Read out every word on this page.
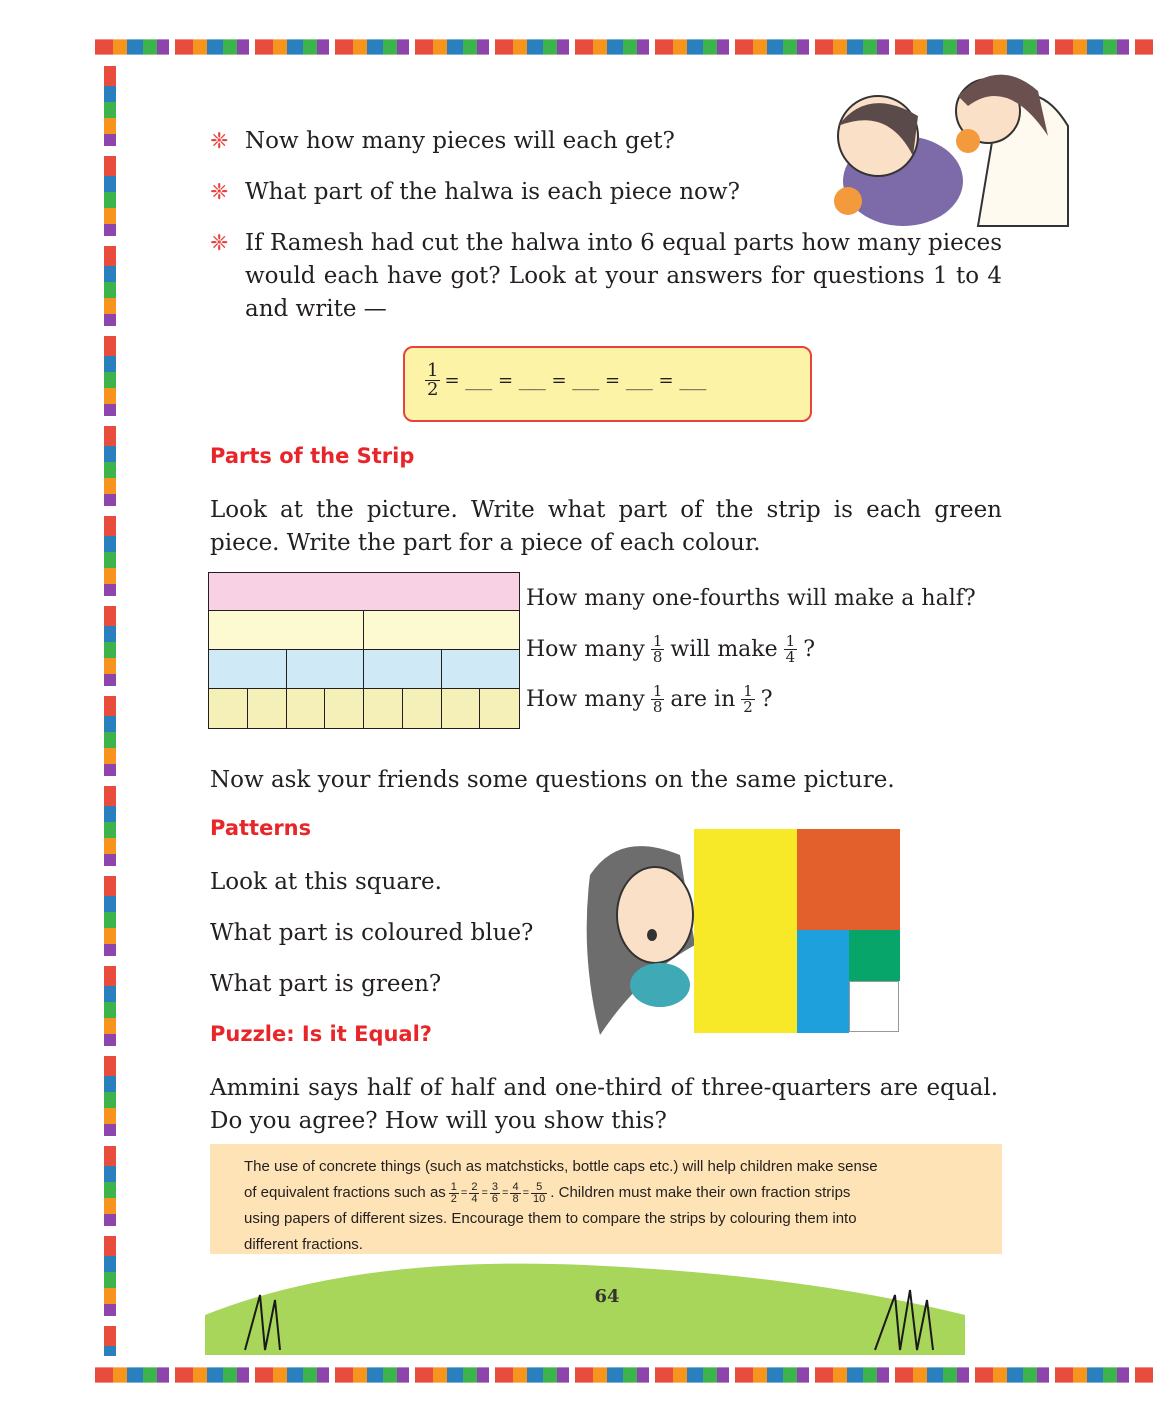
❈ Now how many pieces will each get?
❈ What part of the halwa is each piece now?
❈ If Ramesh had cut the halwa into 6 equal parts how many pieces would each have got? Look at your answers for questions 1 to 4 and write —
$\frac{1}{2}$ = ___ = ___ = ___ = ___ = ___
Parts of the Strip
Look at the picture. Write what part of the strip is each green piece. Write the part for a piece of each colour.
How many one-fourths will make a half?
How many $\frac{1}{8}$ will make $\frac{1}{4}$ ?
How many $\frac{1}{8}$ are in $\frac{1}{2}$ ?
Now ask your friends some questions on the same picture.
Patterns
Look at this square.
What part is coloured blue?
What part is green?
Puzzle: Is it Equal?
Ammini says half of half and one-third of three-quarters are equal. Do you agree? How will you show this?
The use of concrete things (such as matchsticks, bottle caps etc.) will help children make sense
of equivalent fractions such as $\frac{1}{2} = \frac{2}{4} = \frac{3}{6} = \frac{4}{8} = \frac{5}{10}$ . Children must make their own fraction strips
using papers of different sizes. Encourage them to compare the strips by colouring them into
different fractions.
64
